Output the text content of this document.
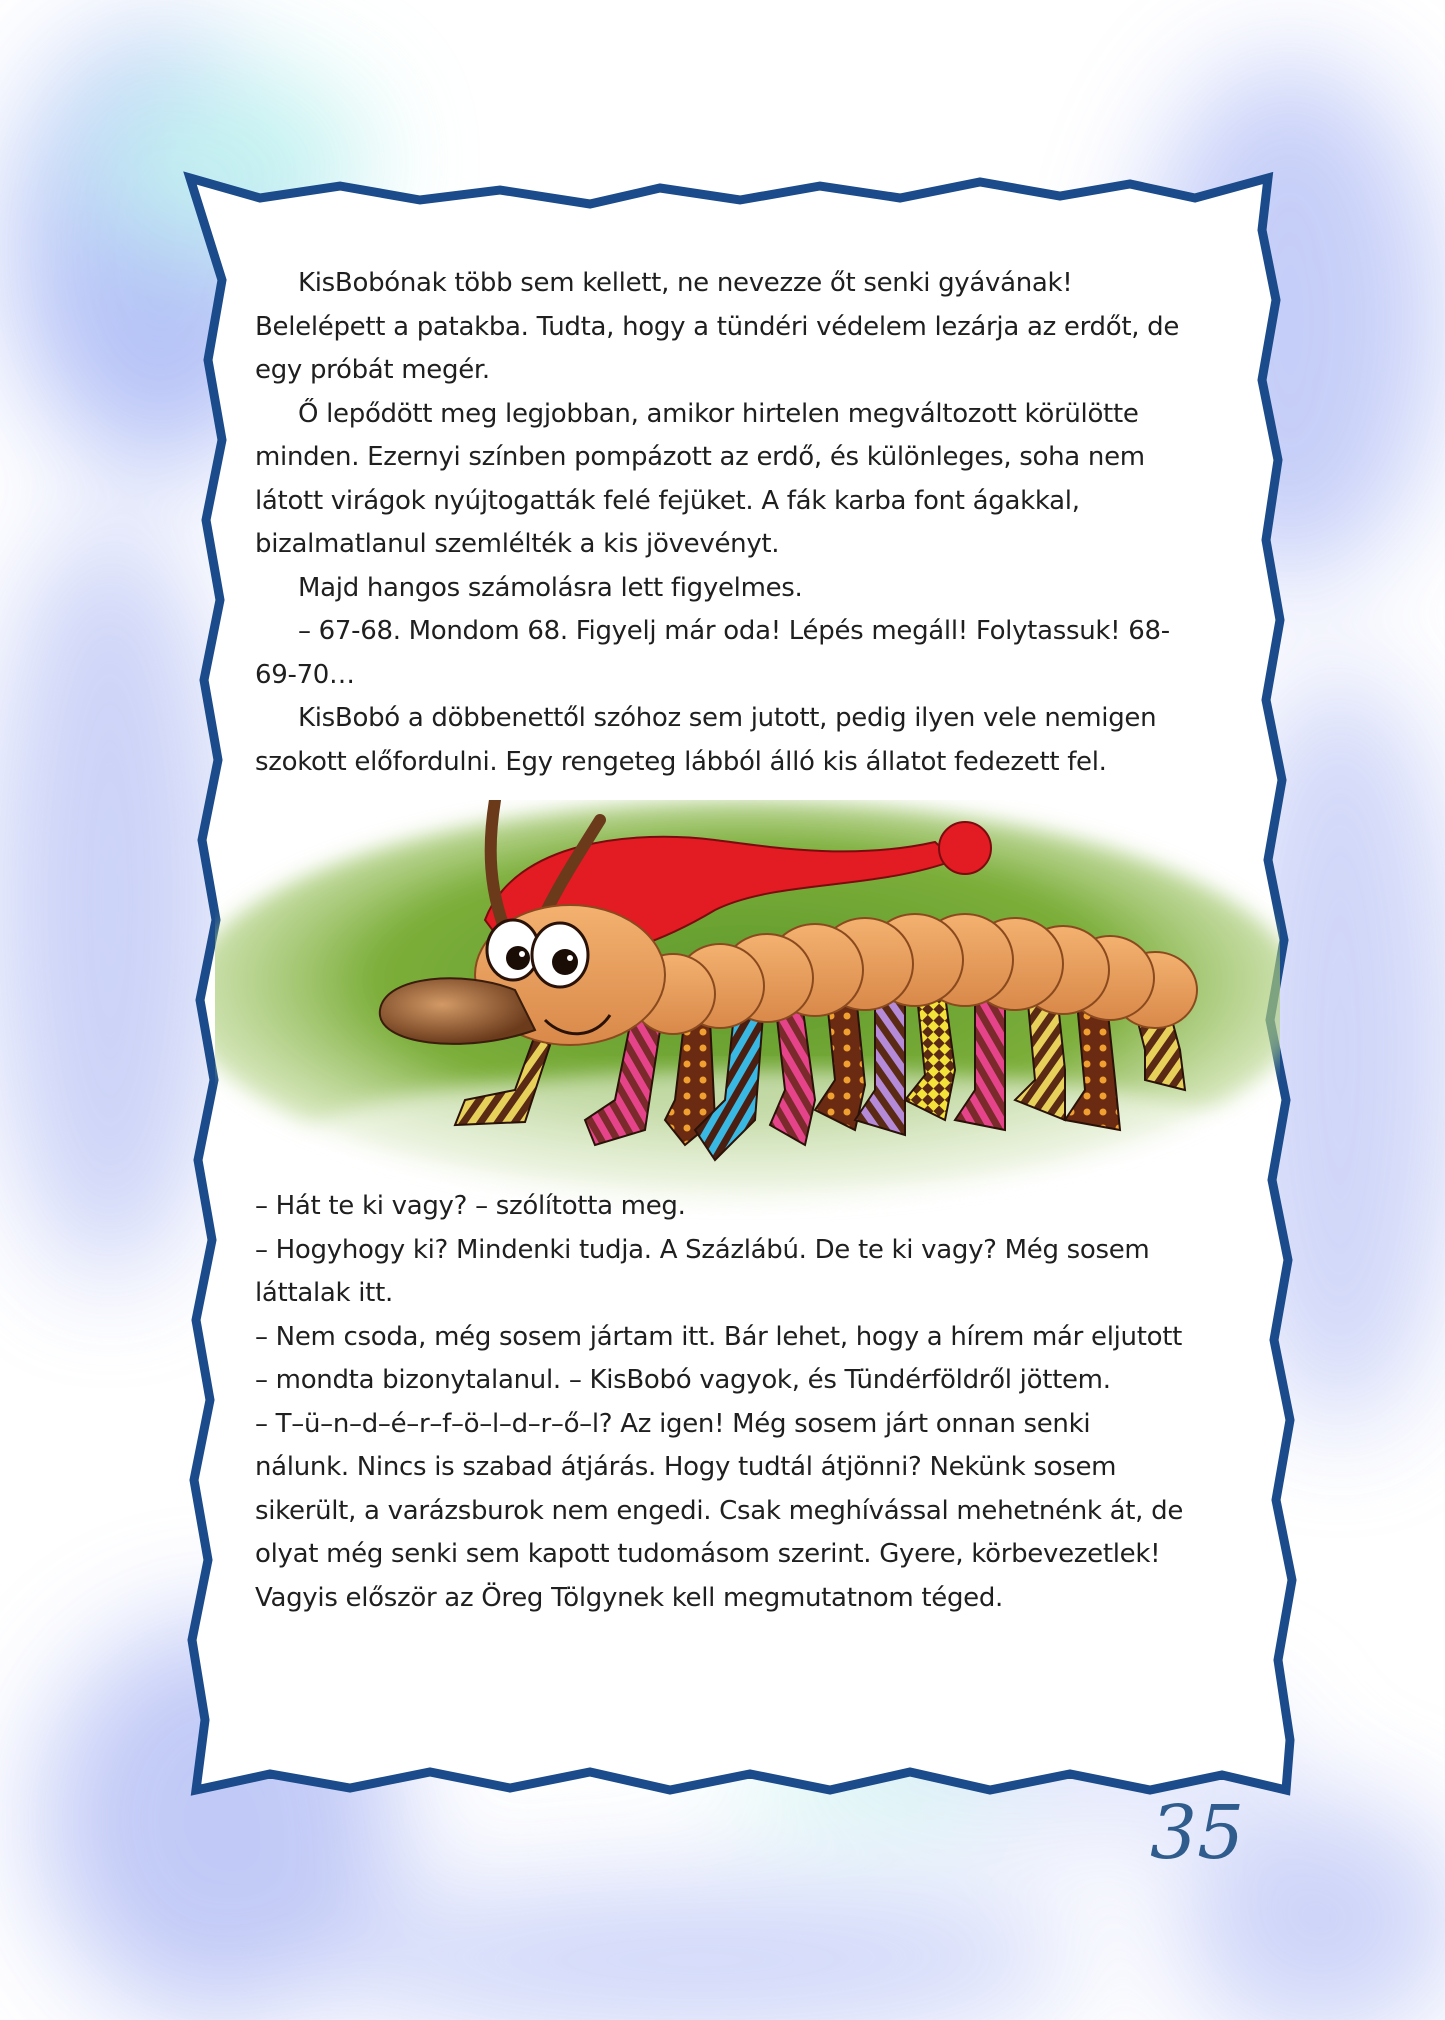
KisBobónak több sem kellett, ne nevezze őt senki gyávának! Belelépett a patakba. Tudta, hogy a tündéri védelem lezárja az erdőt, de egy próbát megér.

Ő lepődött meg legjobban, amikor hirtelen megváltozott körülötte minden. Ezernyi színben pompázott az erdő, és különleges, soha nem látott virágok nyújtogatták felé fejüket. A fák karba font ágakkal, bizalmatlanul szemlélték a kis jövevényt.

Majd hangos számolásra lett figyelmes.

– 67-68. Mondom 68. Figyelj már oda! Lépés megáll! Folytassuk! 68-69-70…

KisBobó a döbbenettől szóhoz sem jutott, pedig ilyen vele nemigen szokott előfordulni. Egy rengeteg lábból álló kis állatot fedezett fel.

– Hát te ki vagy? – szólította meg.

– Hogyhogy ki? Mindenki tudja. A Százlábú. De te ki vagy? Még sosem láttalak itt.

– Nem csoda, még sosem jártam itt. Bár lehet, hogy a hírem már eljutott – mondta bizonytalanul. – KisBobó vagyok, és Tündérföldről jöttem.

– T–ü–n–d–é–r–f–ö–l–d–r–ő–l? Az igen! Még sosem járt onnan senki nálunk. Nincs is szabad átjárás. Hogy tudtál átjönni? Nekünk sosem sikerült, a varázsburok nem engedi. Csak meghívással mehetnénk át, de olyat még senki sem kapott tudomásom szerint. Gyere, körbevezetlek! Vagyis először az Öreg Tölgynek kell megmutatnom téged.

35
